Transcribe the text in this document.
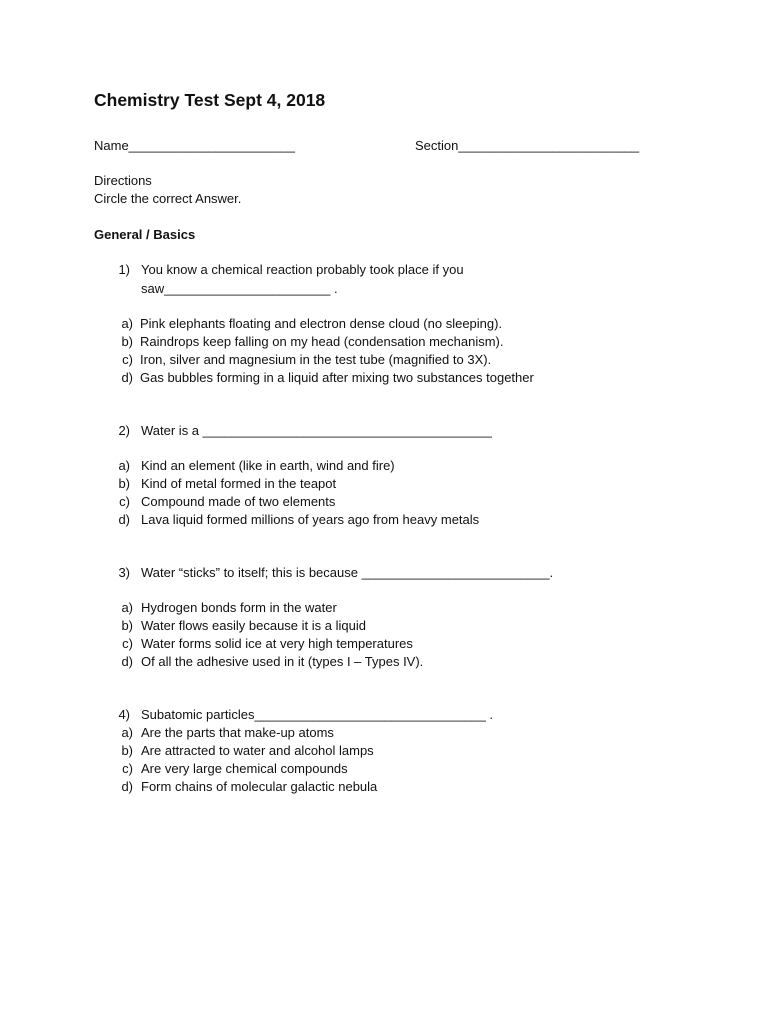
Chemistry Test Sept 4, 2018
Name_______________________	Section_________________________
Directions
Circle the correct Answer.
General / Basics
1) You know a chemical reaction probably took place if you
saw_______________________ .
a) Pink elephants floating and electron dense cloud (no sleeping).
b) Raindrops keep falling on my head (condensation mechanism).
c) Iron, silver and magnesium in the test tube (magnified to 3X).
d) Gas bubbles forming in a liquid after mixing two substances together
2) Water is a ________________________________________
a) Kind an element (like in earth, wind and fire)
b) Kind of metal formed in the teapot
c) Compound made of two elements
d) Lava liquid formed millions of years ago from heavy metals
3) Water “sticks” to itself; this is because __________________________.
a) Hydrogen bonds form in the water
b) Water flows easily because it is a liquid
c) Water forms solid ice at very high temperatures
d) Of all the adhesive used in it (types I – Types IV).
4) Subatomic particles________________________________ .
a) Are the parts that make-up atoms
b) Are attracted to water and alcohol lamps
c) Are very large chemical compounds
d) Form chains of molecular galactic nebula
